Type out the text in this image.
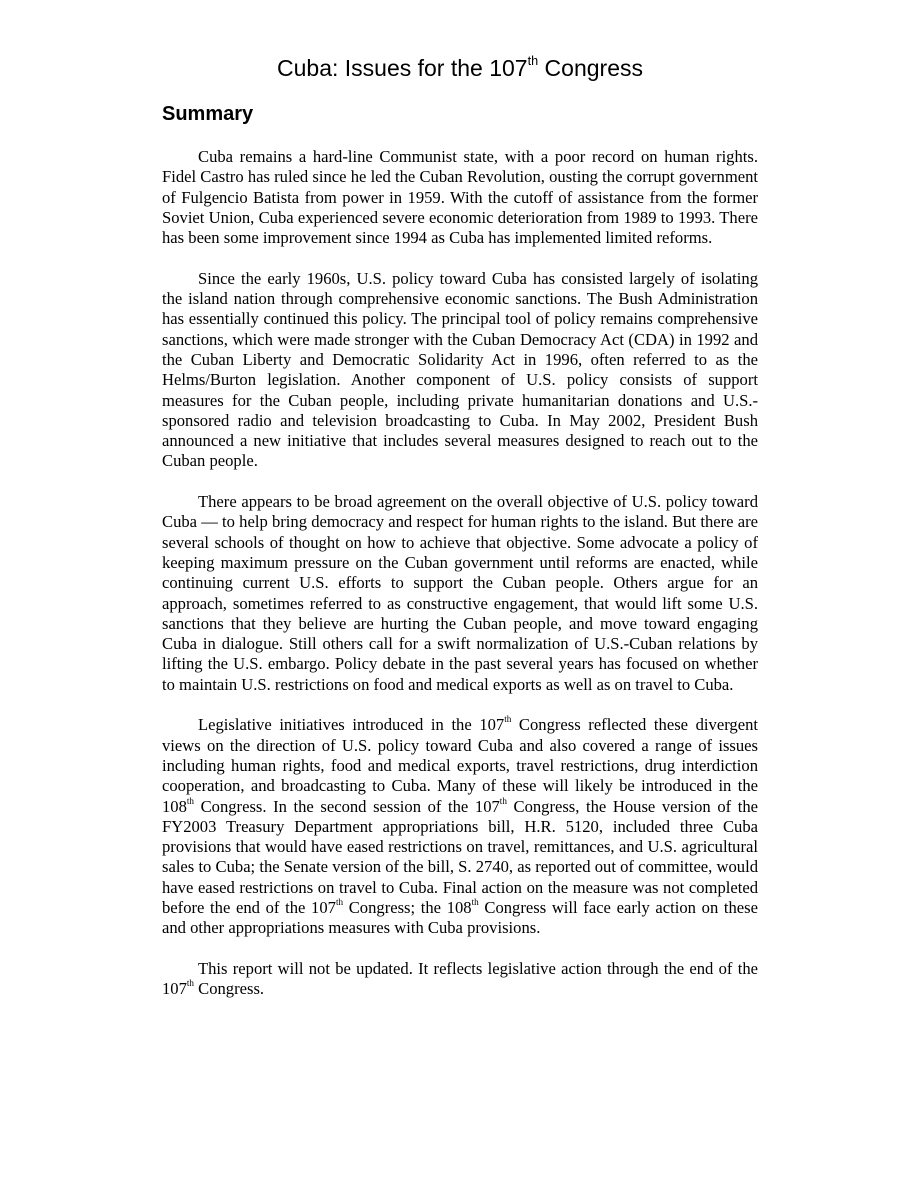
Cuba: Issues for the 107th Congress
Summary

Cuba remains a hard-line Communist state, with a poor record on human rights. Fidel Castro has ruled since he led the Cuban Revolution, ousting the corrupt government of Fulgencio Batista from power in 1959. With the cutoff of assistance from the former Soviet Union, Cuba experienced severe economic deterioration from 1989 to 1993. There has been some improvement since 1994 as Cuba has implemented limited reforms.

Since the early 1960s, U.S. policy toward Cuba has consisted largely of isolating the island nation through comprehensive economic sanctions. The Bush Administration has essentially continued this policy. The principal tool of policy remains comprehensive sanctions, which were made stronger with the Cuban Democracy Act (CDA) in 1992 and the Cuban Liberty and Democratic Solidarity Act in 1996, often referred to as the Helms/Burton legislation. Another component of U.S. policy consists of support measures for the Cuban people, including private humanitarian donations and U.S.-sponsored radio and television broadcasting to Cuba. In May 2002, President Bush announced a new initiative that includes several measures designed to reach out to the Cuban people.

There appears to be broad agreement on the overall objective of U.S. policy toward Cuba — to help bring democracy and respect for human rights to the island. But there are several schools of thought on how to achieve that objective. Some advocate a policy of keeping maximum pressure on the Cuban government until reforms are enacted, while continuing current U.S. efforts to support the Cuban people. Others argue for an approach, sometimes referred to as constructive engagement, that would lift some U.S. sanctions that they believe are hurting the Cuban people, and move toward engaging Cuba in dialogue. Still others call for a swift normalization of U.S.-Cuban relations by lifting the U.S. embargo. Policy debate in the past several years has focused on whether to maintain U.S. restrictions on food and medical exports as well as on travel to Cuba.

Legislative initiatives introduced in the 107th Congress reflected these divergent views on the direction of U.S. policy toward Cuba and also covered a range of issues including human rights, food and medical exports, travel restrictions, drug interdiction cooperation, and broadcasting to Cuba. Many of these will likely be introduced in the 108th Congress. In the second session of the 107th Congress, the House version of the FY2003 Treasury Department appropriations bill, H.R. 5120, included three Cuba provisions that would have eased restrictions on travel, remittances, and U.S. agricultural sales to Cuba; the Senate version of the bill, S. 2740, as reported out of committee, would have eased restrictions on travel to Cuba. Final action on the measure was not completed before the end of the 107th Congress; the 108th Congress will face early action on these and other appropriations measures with Cuba provisions.

This report will not be updated. It reflects legislative action through the end of the 107th Congress.
